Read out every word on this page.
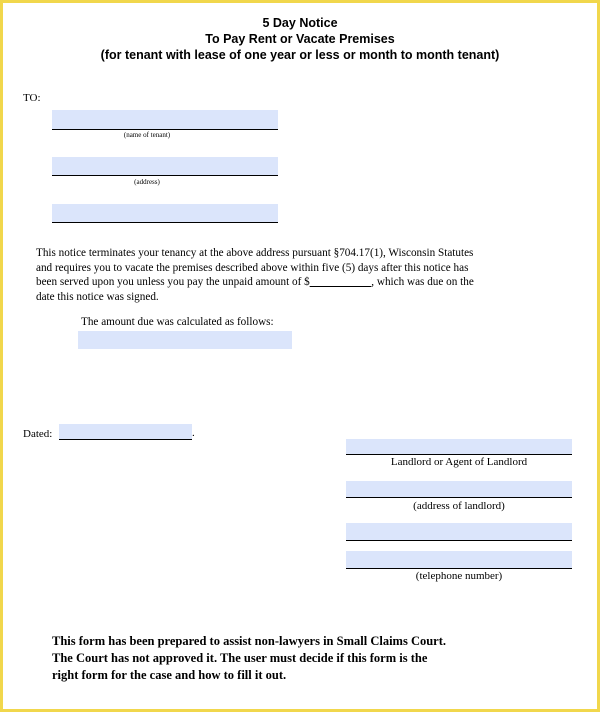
5 Day Notice
To Pay Rent or Vacate Premises
(for tenant with lease of one year or less or month to month tenant)
TO:
(name of tenant)
(address)
This notice terminates your tenancy at the above address pursuant §704.17(1), Wisconsin Statutes
and requires you to vacate the premises described above within five (5) days after this notice has
been served upon you unless you pay the unpaid amount of $___________, which was due on the
date this notice was signed.
The amount due was calculated as follows:
Dated:	.
Landlord or Agent of Landlord
(address of landlord)
(telephone number)
This form has been prepared to assist non-lawyers in Small Claims Court.
The Court has not approved it. The user must decide if this form is the
right form for the case and how to fill it out.
